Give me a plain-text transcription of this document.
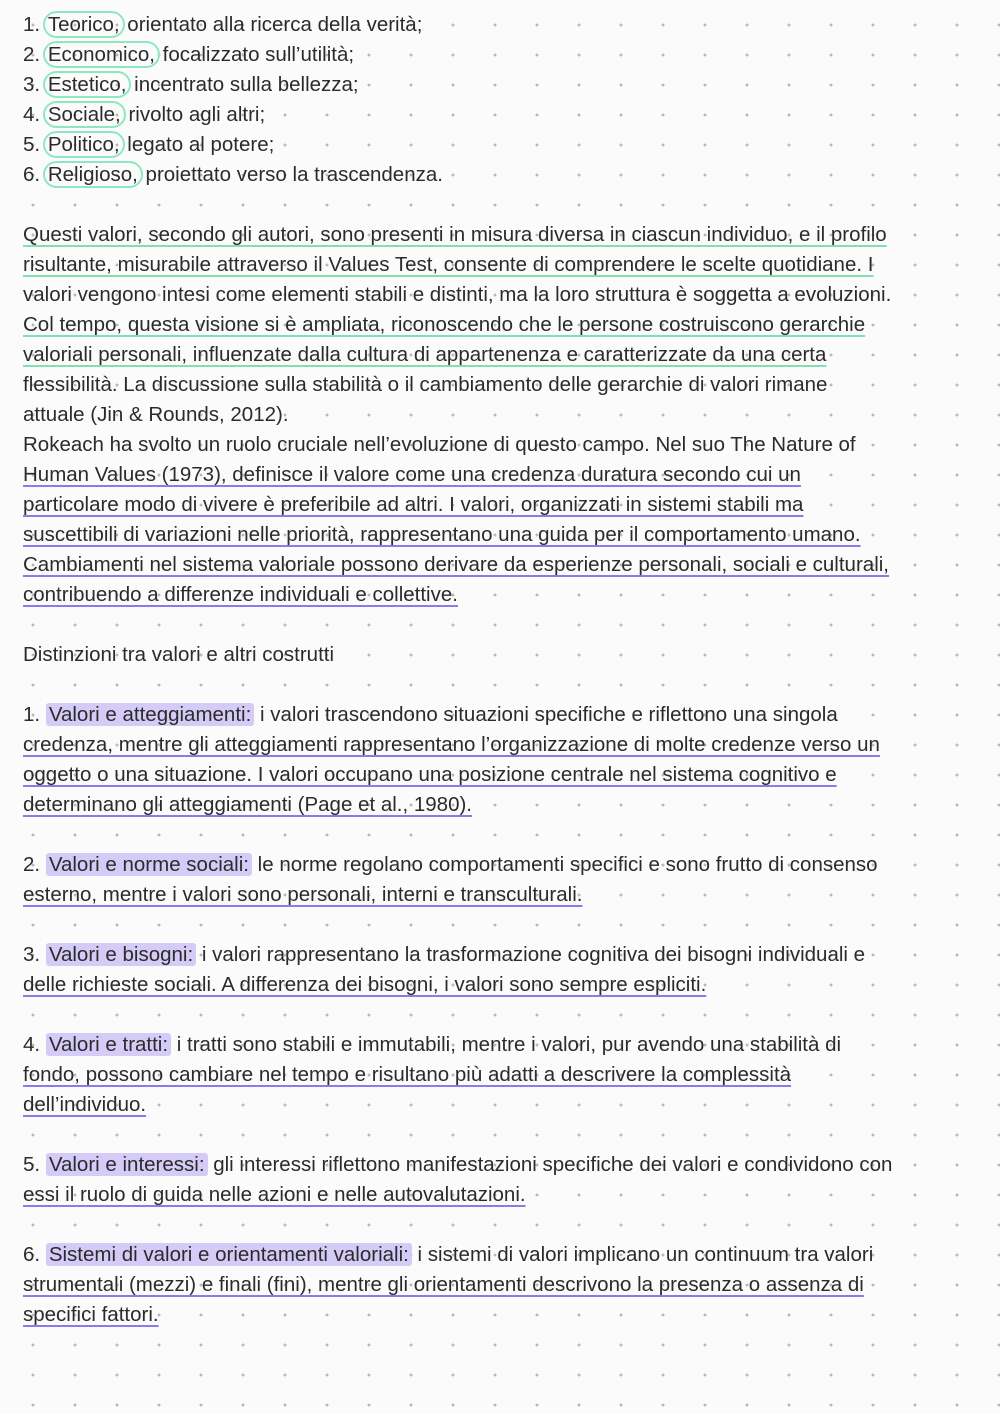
1. Teorico, orientato alla ricerca della verità;
2. Economico, focalizzato sull’utilità;
3. Estetico, incentrato sulla bellezza;
4. Sociale, rivolto agli altri;
5. Politico, legato al potere;
6. Religioso, proiettato verso la trascendenza.
Questi valori, secondo gli autori, sono presenti in misura diversa in ciascun individuo, e il profilo
risultante, misurabile attraverso il Values Test, consente di comprendere le scelte quotidiane. I
valori vengono intesi come elementi stabili e distinti, ma la loro struttura è soggetta a evoluzioni.
Col tempo, questa visione si è ampliata, riconoscendo che le persone costruiscono gerarchie
valoriali personali, influenzate dalla cultura di appartenenza e caratterizzate da una certa
flessibilità. La discussione sulla stabilità o il cambiamento delle gerarchie di valori rimane
attuale (Jin & Rounds, 2012).
Rokeach ha svolto un ruolo cruciale nell’evoluzione di questo campo. Nel suo The Nature of
Human Values (1973), definisce il valore come una credenza duratura secondo cui un
particolare modo di vivere è preferibile ad altri. I valori, organizzati in sistemi stabili ma
suscettibili di variazioni nelle priorità, rappresentano una guida per il comportamento umano.
Cambiamenti nel sistema valoriale possono derivare da esperienze personali, sociali e culturali,
contribuendo a differenze individuali e collettive.
Distinzioni tra valori e altri costrutti
1. Valori e atteggiamenti: i valori trascendono situazioni specifiche e riflettono una singola
credenza, mentre gli atteggiamenti rappresentano l’organizzazione di molte credenze verso un
oggetto o una situazione. I valori occupano una posizione centrale nel sistema cognitivo e
determinano gli atteggiamenti (Page et al., 1980).
2. Valori e norme sociali: le norme regolano comportamenti specifici e sono frutto di consenso
esterno, mentre i valori sono personali, interni e transculturali.
3. Valori e bisogni: i valori rappresentano la trasformazione cognitiva dei bisogni individuali e
delle richieste sociali. A differenza dei bisogni, i valori sono sempre espliciti.
4. Valori e tratti: i tratti sono stabili e immutabili, mentre i valori, pur avendo una stabilità di
fondo, possono cambiare nel tempo e risultano più adatti a descrivere la complessità
dell’individuo.
5. Valori e interessi: gli interessi riflettono manifestazioni specifiche dei valori e condividono con
essi il ruolo di guida nelle azioni e nelle autovalutazioni.
6. Sistemi di valori e orientamenti valoriali: i sistemi di valori implicano un continuum tra valori
strumentali (mezzi) e finali (fini), mentre gli orientamenti descrivono la presenza o assenza di
specifici fattori.
